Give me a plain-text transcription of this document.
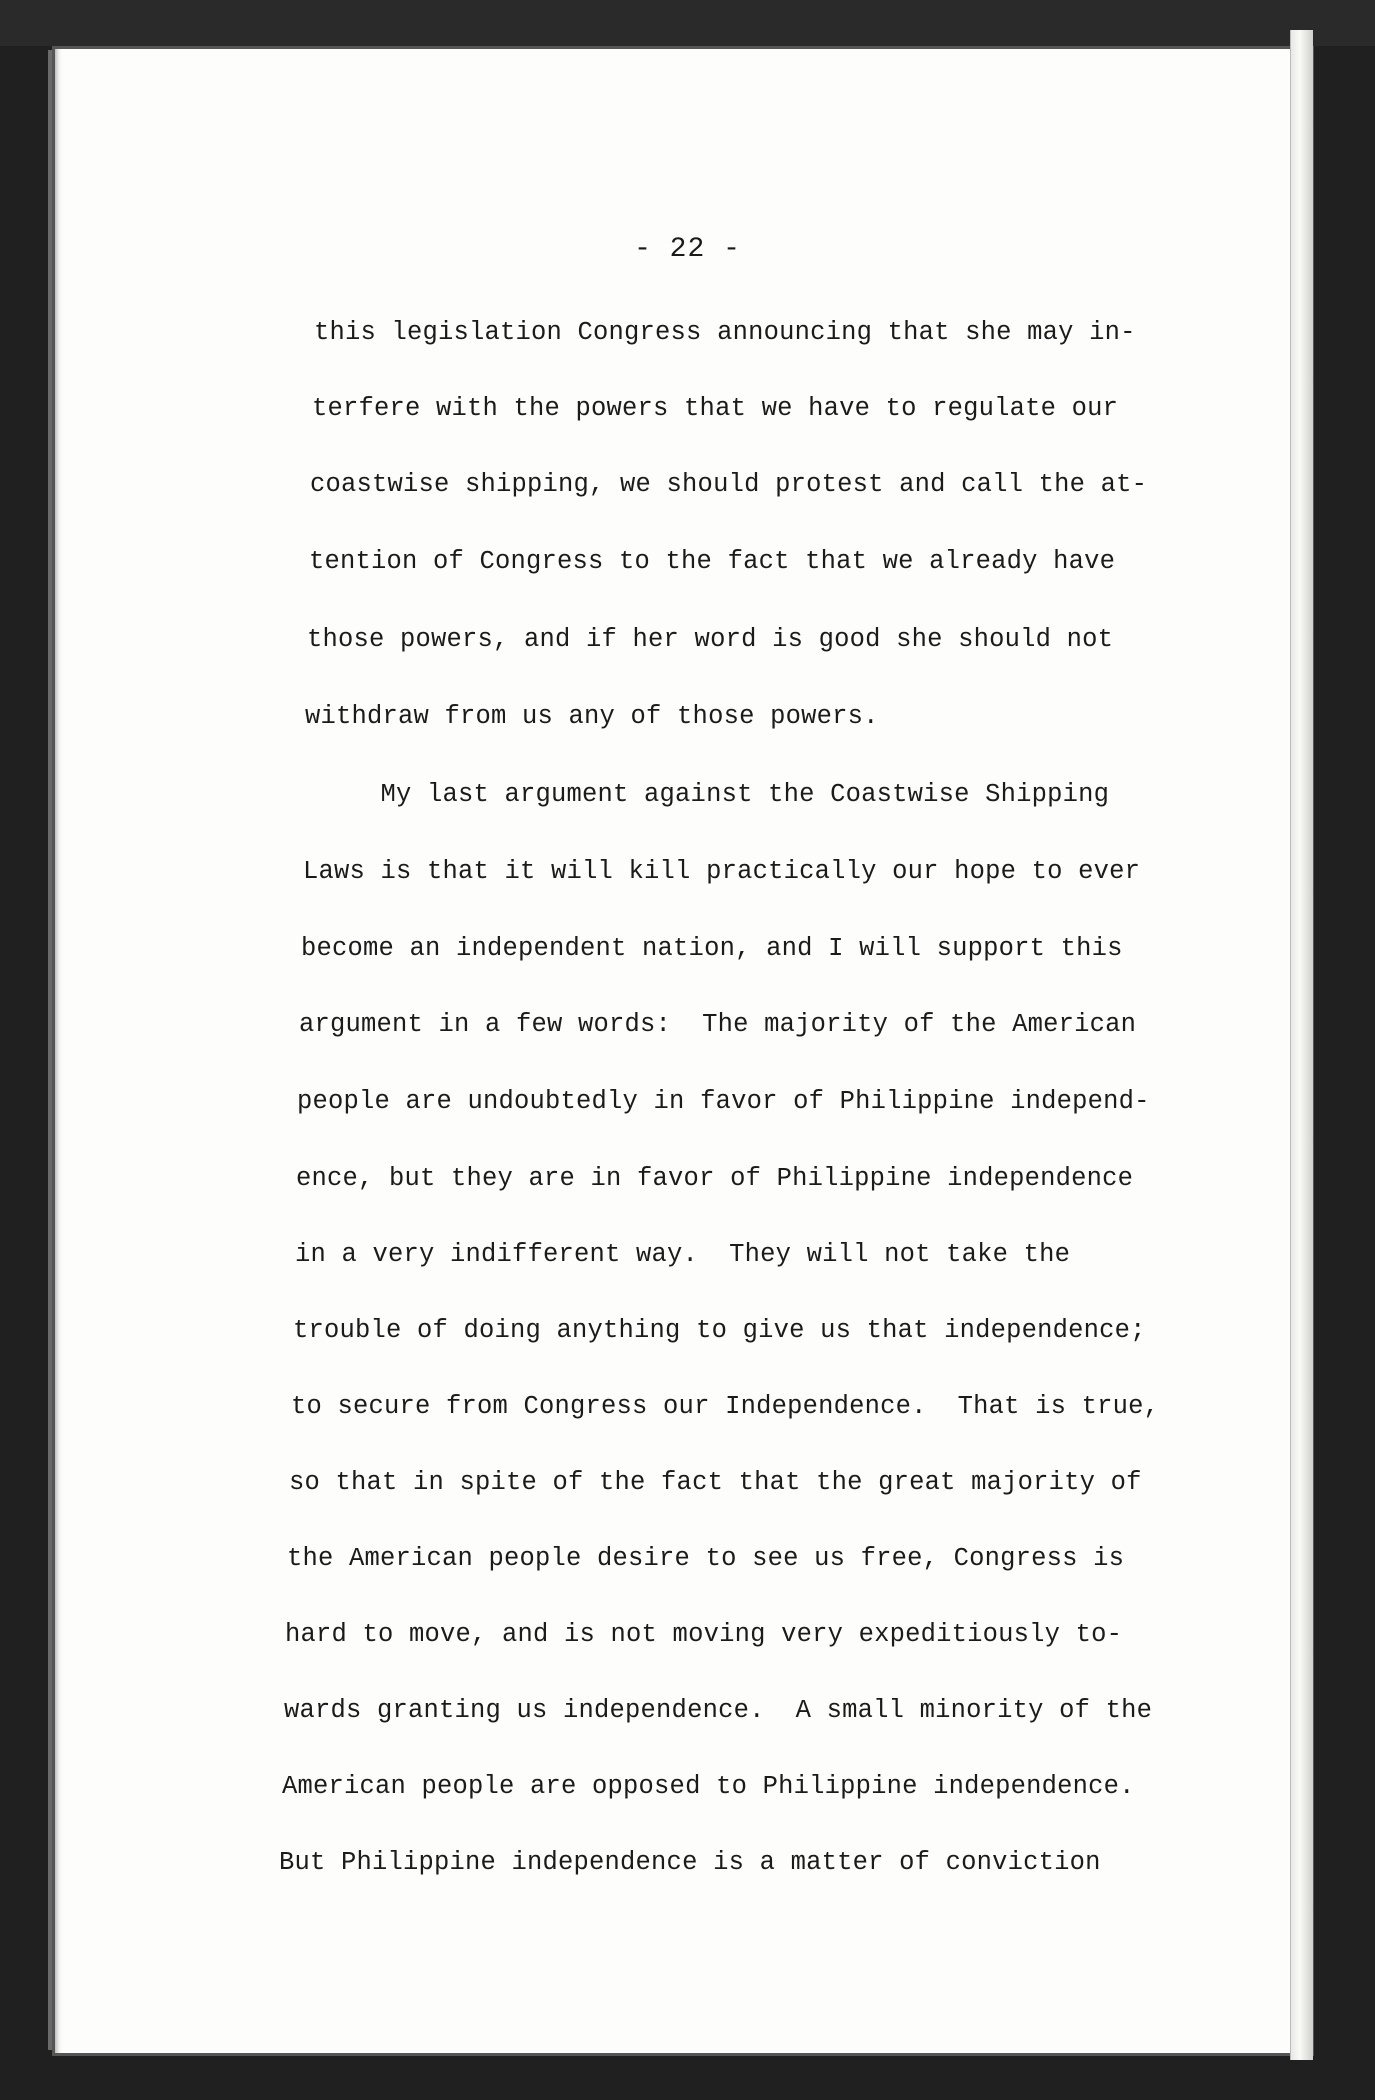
- 22 -
this legislation Congress announcing that she may in-
terfere with the powers that we have to regulate our
coastwise shipping, we should protest and call the at-
tention of Congress to the fact that we already have
those powers, and if her word is good she should not
withdraw from us any of those powers.
My last argument against the Coastwise Shipping
Laws is that it will kill practically our hope to ever
become an independent nation, and I will support this
argument in a few words:  The majority of the American
people are undoubtedly in favor of Philippine independ-
ence, but they are in favor of Philippine independence
in a very indifferent way.  They will not take the
trouble of doing anything to give us that independence;
to secure from Congress our Independence.  That is true,
so that in spite of the fact that the great majority of
the American people desire to see us free, Congress is
hard to move, and is not moving very expeditiously to-
wards granting us independence.  A small minority of the
American people are opposed to Philippine independence.
But Philippine independence is a matter of conviction
